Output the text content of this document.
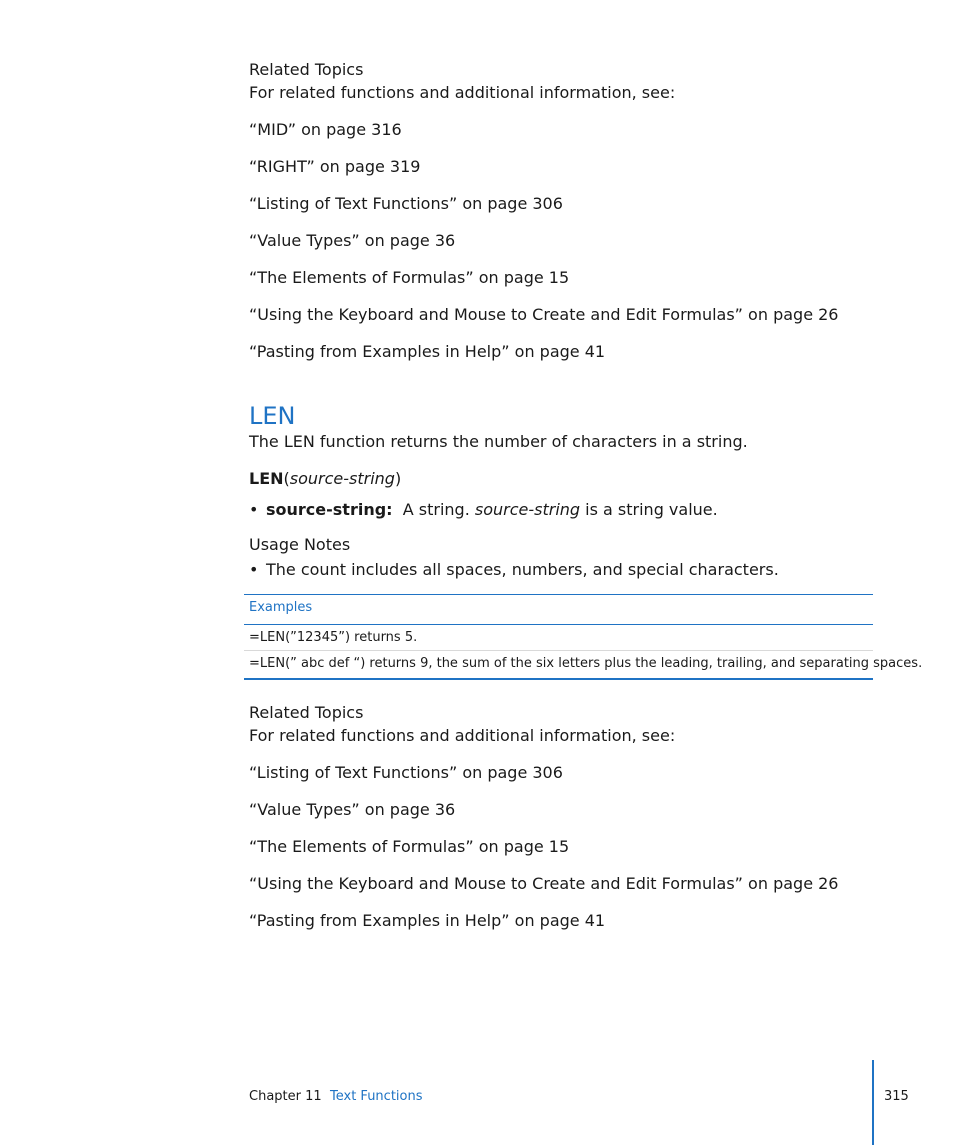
Related Topics
For related functions and additional information, see:
“MID” on page 316
“RIGHT” on page 319
“Listing of Text Functions” on page 306
“Value Types” on page 36
“The Elements of Formulas” on page 15
“Using the Keyboard and Mouse to Create and Edit Formulas” on page 26
“Pasting from Examples in Help” on page 41
LEN
The LEN function returns the number of characters in a string.
LEN(source-string)
• source-string: A string. source-string is a string value.
Usage Notes
• The count includes all spaces, numbers, and special characters.
Examples
=LEN(”12345”) returns 5.
=LEN(” abc def “) returns 9, the sum of the six letters plus the leading, trailing, and separating spaces.
Related Topics
For related functions and additional information, see:
“Listing of Text Functions” on page 306
“Value Types” on page 36
“The Elements of Formulas” on page 15
“Using the Keyboard and Mouse to Create and Edit Formulas” on page 26
“Pasting from Examples in Help” on page 41
Chapter 11 Text Functions	315
